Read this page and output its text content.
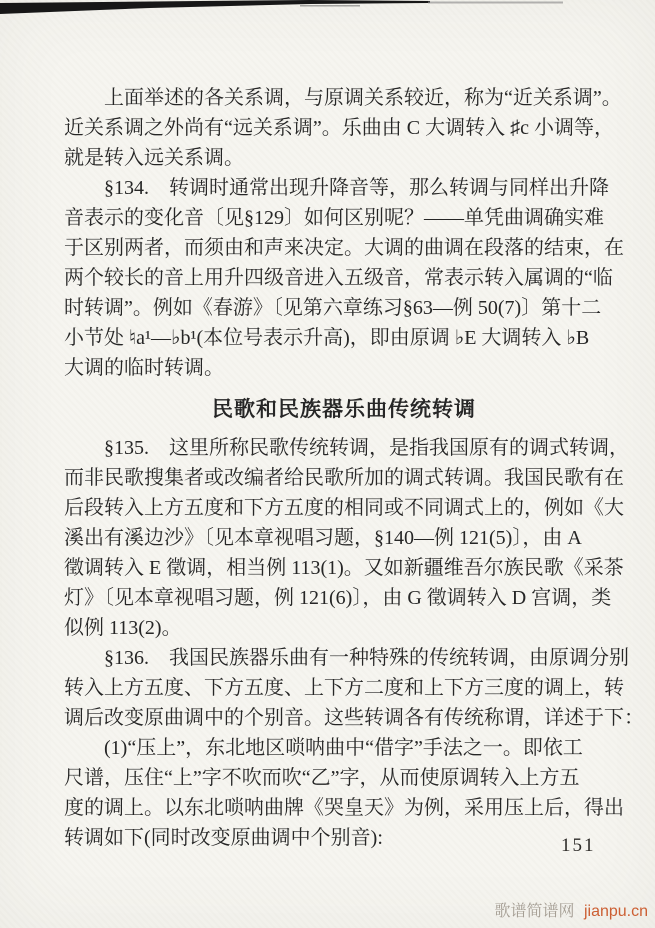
　　上面举述的各关系调，与原调关系较近，称为“近关系调”。
近关系调之外尚有“远关系调”。乐曲由 C 大调转入 ♯c 小调等，
就是转入远关系调。
　　§134.　转调时通常出现升降音等，那么转调与同样出升降
音表示的变化音〔见§129〕如何区别呢？——单凭曲调确实难
于区别两者，而须由和声来决定。大调的曲调在段落的结束，在
两个较长的音上用升四级音进入五级音，常表示转入属调的“临
时转调”。例如《春游》〔见第六章练习§63—例 50(7)〕第十二
小节处 ♮a¹—♭b¹(本位号表示升高)，即由原调 ♭E 大调转入 ♭B
大调的临时转调。
民歌和民族器乐曲传统转调
　　§135.　这里所称民歌传统转调，是指我国原有的调式转调，
而非民歌搜集者或改编者给民歌所加的调式转调。我国民歌有在
后段转入上方五度和下方五度的相同或不同调式上的，例如《大
溪出有溪边沙》〔见本章视唱习题，§140—例 121(5)〕，由 A
徵调转入 E 徵调，相当例 113(1)。又如新疆维吾尔族民歌《采茶
灯》〔见本章视唱习题，例 121(6)〕，由 G 徵调转入 D 宫调，类
似例 113(2)。
　　§136.　我国民族器乐曲有一种特殊的传统转调，由原调分别
转入上方五度、下方五度、上下方二度和上下方三度的调上，转
调后改变原曲调中的个别音。这些转调各有传统称谓，详述于下：
　　(1)“压上”，东北地区唢呐曲中“借字”手法之一。即依工
尺谱，压住“上”字不吹而吹“乙”字，从而使原调转入上方五
度的调上。以东北唢呐曲牌《哭皇天》为例，采用压上后，得出
转调如下(同时改变原曲调中个别音):	151
歌谱简谱网 jianpu.cn
